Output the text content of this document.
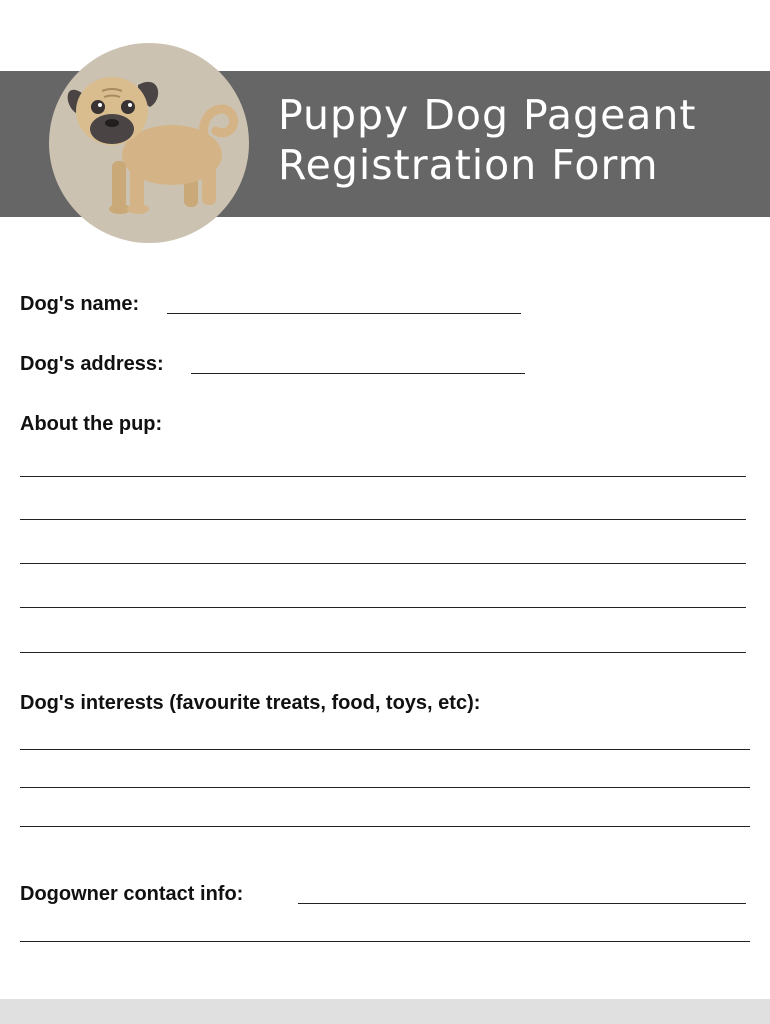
Puppy Dog Pageant
Registration Form
Dog's name:
Dog's address:
About the pup:
Dog's interests (favourite treats, food, toys, etc):
Dogowner contact info:
